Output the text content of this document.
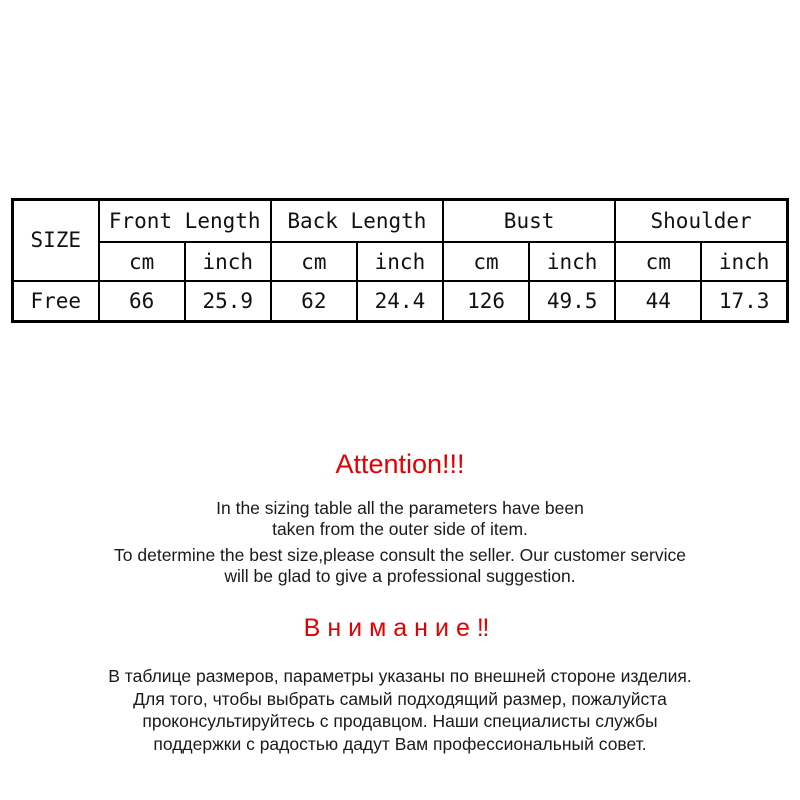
SIZE	Front Length		Back Length		Bust		Shoulder	
	cm	inch	cm	inch	cm	inch	cm	inch
Free	66	25.9	62	24.4	126	49.5	44	17.3
Attention!!!
In the sizing table all the parameters have been
taken from the outer side of item.
To determine the best size,please consult the seller. Our customer service
will be glad to give a professional suggestion.
Внимание‼
В таблице размеров, параметры указаны по внешней стороне изделия.
Для того, чтобы выбрать самый подходящий размер, пожалуйста
проконсультируйтесь с продавцом. Наши специалисты службы
поддержки с радостью дадут Вам профессиональный совет.
